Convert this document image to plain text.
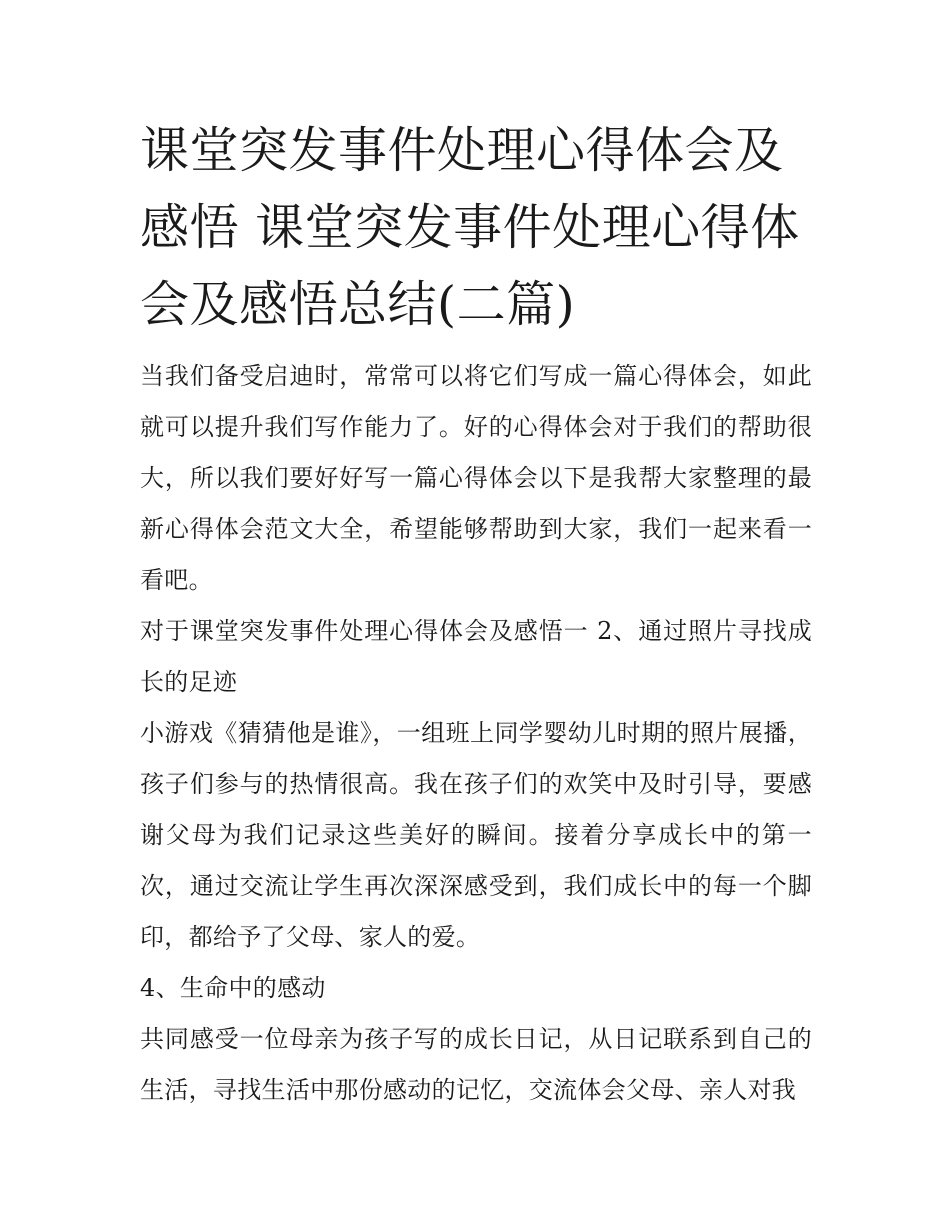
课堂突发事件处理心得体会及感悟 课堂突发事件处理心得体会及感悟总结(二篇)

当我们备受启迪时，常常可以将它们写成一篇心得体会，如此就可以提升我们写作能力了。好的心得体会对于我们的帮助很大，所以我们要好好写一篇心得体会以下是我帮大家整理的最新心得体会范文大全，希望能够帮助到大家，我们一起来看一看吧。

对于课堂突发事件处理心得体会及感悟一 2、通过照片寻找成长的足迹

小游戏《猜猜他是谁》，一组班上同学婴幼儿时期的照片展播，孩子们参与的热情很高。我在孩子们的欢笑中及时引导，要感谢父母为我们记录这些美好的瞬间。接着分享成长中的第一次，通过交流让学生再次深深感受到，我们成长中的每一个脚印，都给予了父母、家人的爱。

4、生命中的感动

共同感受一位母亲为孩子写的成长日记，从日记联系到自己的生活，寻找生活中那份感动的记忆，交流体会父母、亲人对我
